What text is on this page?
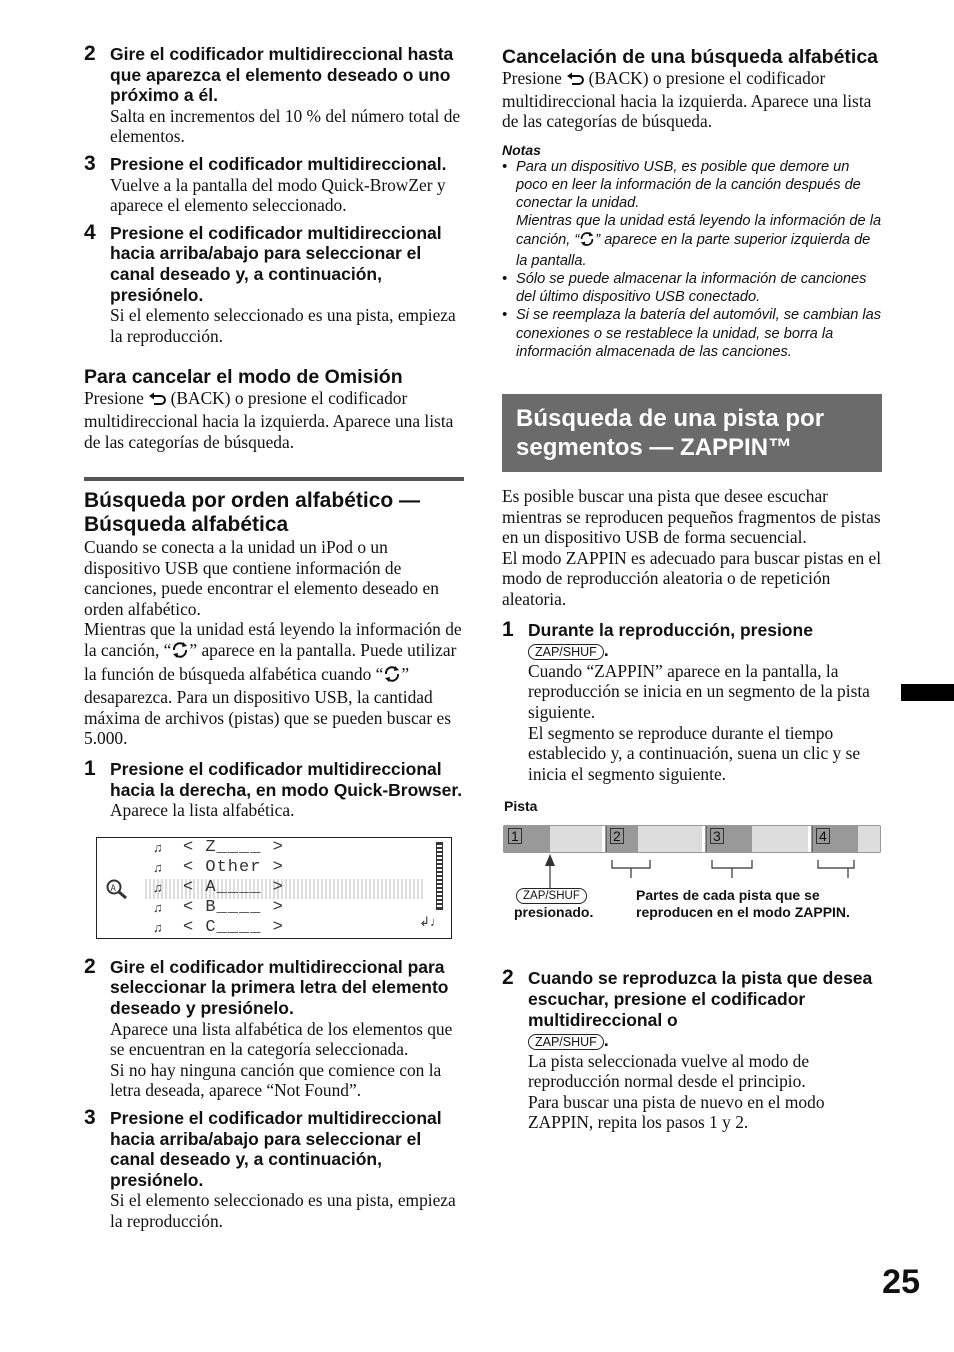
2 Gire el codificador multidireccional hasta que aparezca el elemento deseado o uno próximo a él.
Salta en incrementos del 10 % del número total de elementos.
3 Presione el codificador multidireccional.
Vuelve a la pantalla del modo Quick-BrowZer y aparece el elemento seleccionado.
4 Presione el codificador multidireccional hacia arriba/abajo para seleccionar el canal deseado y, a continuación, presiónelo.
Si el elemento seleccionado es una pista, empieza la reproducción.
Para cancelar el modo de Omisión
Presione (BACK) o presione el codificador multidireccional hacia la izquierda. Aparece una lista de las categorías de búsqueda.
Búsqueda por orden alfabético — Búsqueda alfabética
Cuando se conecta a la unidad un iPod o un dispositivo USB que contiene información de canciones, puede encontrar el elemento deseado en orden alfabético.
Mientras que la unidad está leyendo la información de la canción, “ ” aparece en la pantalla. Puede utilizar la función de búsqueda alfabética cuando “ ” desaparezca. Para un dispositivo USB, la cantidad máxima de archivos (pistas) que se pueden buscar es 5.000.
1 Presione el codificador multidireccional hacia la derecha, en modo Quick-Browser.
Aparece la lista alfabética.
A
♫
♫
♫
♫
♫
< Z____ >
< Other >
< A____ >
< B____ >
< C____ >	↲♩
2 Gire el codificador multidireccional para seleccionar la primera letra del elemento deseado y presiónelo.
Aparece una lista alfabética de los elementos que se encuentran en la categoría seleccionada.
Si no hay ninguna canción que comience con la letra deseada, aparece “Not Found”.
3 Presione el codificador multidireccional hacia arriba/abajo para seleccionar el canal deseado y, a continuación, presiónelo.
Si el elemento seleccionado es una pista, empieza la reproducción.
Cancelación de una búsqueda alfabética
Presione (BACK) o presione el codificador multidireccional hacia la izquierda. Aparece una lista de las categorías de búsqueda.
Notas
• Para un dispositivo USB, es posible que demore un poco en leer la información de la canción después de conectar la unidad.
Mientras que la unidad está leyendo la información de la canción, “ ” aparece en la parte superior izquierda de la pantalla.
• Sólo se puede almacenar la información de canciones del último dispositivo USB conectado.
• Si se reemplaza la batería del automóvil, se cambian las conexiones o se restablece la unidad, se borra la información almacenada de las canciones.
Búsqueda de una pista por segmentos — ZAPPIN™
Es posible buscar una pista que desee escuchar mientras se reproducen pequeños fragmentos de pistas en un dispositivo USB de forma secuencial.
El modo ZAPPIN es adecuado para buscar pistas en el modo de reproducción aleatoria o de repetición aleatoria.
1 Durante la reproducción, presione
ZAP/SHUF .
Cuando “ZAPPIN” aparece en la pantalla, la reproducción se inicia en un segmento de la pista siguiente.
El segmento se reproduce durante el tiempo establecido y, a continuación, suena un clic y se inicia el segmento siguiente.
Pista
1	2	3	4
ZAP/SHUF
presionado.
Partes de cada pista que se reproducen en el modo ZAPPIN.
2 Cuando se reproduzca la pista que desea escuchar, presione el codificador multidireccional o
ZAP/SHUF .
La pista seleccionada vuelve al modo de reproducción normal desde el principio.
Para buscar una pista de nuevo en el modo ZAPPIN, repita los pasos 1 y 2.
25
